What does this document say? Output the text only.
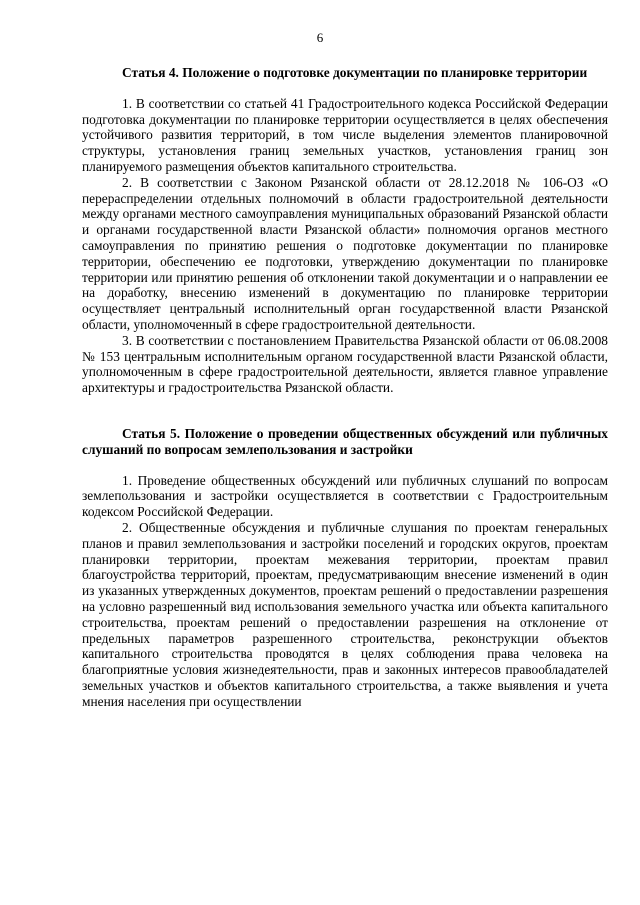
6

Статья 4. Положение о подготовке документации по планировке территории

1. В соответствии со статьей 41 Градостроительного кодекса Российской Федерации подготовка документации по планировке территории осуществляется в целях обеспечения устойчивого развития территорий, в том числе выделения элементов планировочной структуры, установления границ земельных участков, установления границ зон планируемого размещения объектов капитального строительства.

2. В соответствии с Законом Рязанской области от 28.12.2018 № 106-ОЗ «О перераспределении отдельных полномочий в области градостроительной деятельности между органами местного самоуправления муниципальных образований Рязанской области и органами государственной власти Рязанской области» полномочия органов местного самоуправления по принятию решения о подготовке документации по планировке территории, обеспечению ее подготовки, утверждению документации по планировке территории или принятию решения об отклонении такой документации и о направлении ее на доработку, внесению изменений в документацию по планировке территории осуществляет центральный исполнительный орган государственной власти Рязанской области, уполномоченный в сфере градостроительной деятельности.

3. В соответствии с постановлением Правительства Рязанской области от 06.08.2008 № 153 центральным исполнительным органом государственной власти Рязанской области, уполномоченным в сфере градостроительной деятельности, является главное управление архитектуры и градостроительства Рязанской области.

Статья 5. Положение о проведении общественных обсуждений или публичных слушаний по вопросам землепользования и застройки

1. Проведение общественных обсуждений или публичных слушаний по вопросам землепользования и застройки осуществляется в соответствии с Градостроительным кодексом Российской Федерации.

2. Общественные обсуждения и публичные слушания по проектам генеральных планов и правил землепользования и застройки поселений и городских округов, проектам планировки территории, проектам межевания территории, проектам правил благоустройства территорий, проектам, предусматривающим внесение изменений в один из указанных утвержденных документов, проектам решений о предоставлении разрешения на условно разрешенный вид использования земельного участка или объекта капитального строительства, проектам решений о предоставлении разрешения на отклонение от предельных параметров разрешенного строительства, реконструкции объектов капитального строительства проводятся в целях соблюдения права человека на благоприятные условия жизнедеятельности, прав и законных интересов правообладателей земельных участков и объектов капитального строительства, а также выявления и учета мнения населения при осуществлении
